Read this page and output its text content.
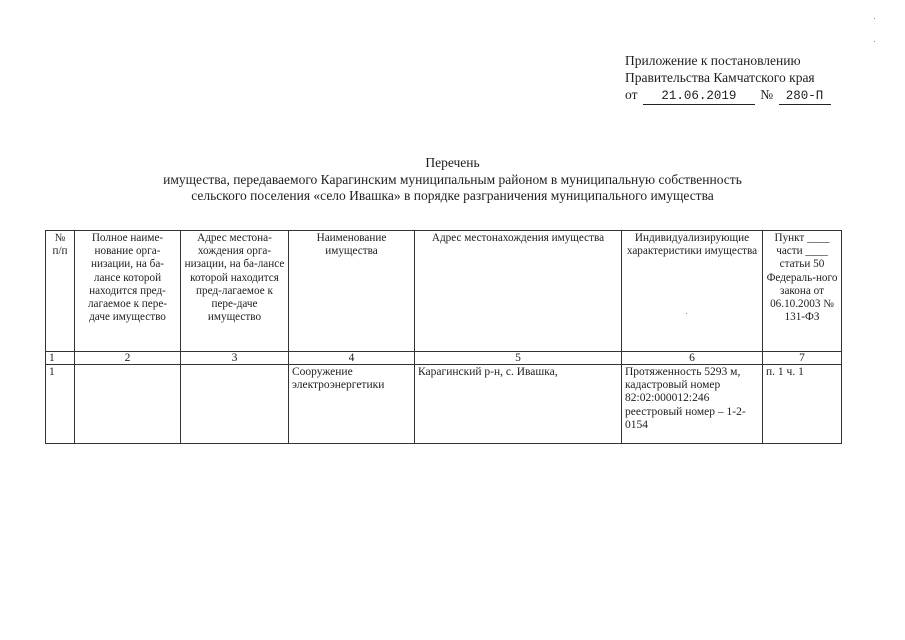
Приложение к постановлению
Правительства Камчатского края
от 21.06.2019 № 280-П
Перечень
имущества, передаваемого Карагинским муниципальным районом в муниципальную собственность
сельского поселения «село Ивашка» в порядке разграничения муниципального имущества
№ п/п	Полное наиме-нование орга-низации, на ба-лансе которой находится пред-лагаемое к пере-даче имущество	Адрес местона-хождения орга-низации, на ба-лансе которой находится пред-лагаемое к пере-даче имущество	Наименование имущества	Адрес местонахождения имущества	Индивидуализирующие характеристики имущества	Пункт ____ части ____ статьи 50 Федераль-ного закона от 06.10.2003 № 131-ФЗ
1	2	3	4	5	6	7
1			Сооружение электроэнергетики	Карагинский р-н, с. Ивашка,	Протяженность 5293 м, кадастровый номер 82:02:000012:246 реестровый номер – 1-2-0154	п. 1 ч. 1
